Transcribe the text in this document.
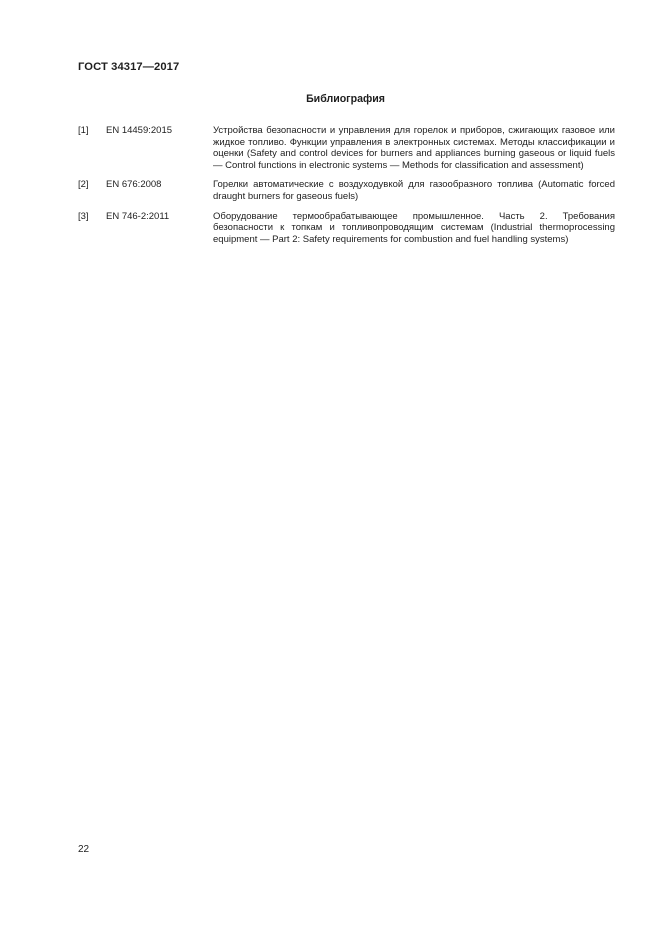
ГОСТ 34317—2017
Библиография
[1] EN 14459:2015	Устройства безопасности и управления для горелок и приборов, сжигающих газовое или жидкое топливо. Функции управления в электронных системах. Методы классификации и оценки (Safety and control devices for burners and appliances burning gaseous or liquid fuels — Control functions in electronic systems — Methods for classification and assessment)
[2] EN 676:2008	Горелки автоматические с воздуходувкой для газообразного топлива (Automatic forced draught burners for gaseous fuels)
[3] EN 746-2:2011	Оборудование термообрабатывающее промышленное. Часть 2. Требования безопасности к топкам и топливопроводящим системам (Industrial thermoprocessing equipment — Part 2: Safety requirements for combustion and fuel handling systems)
22
